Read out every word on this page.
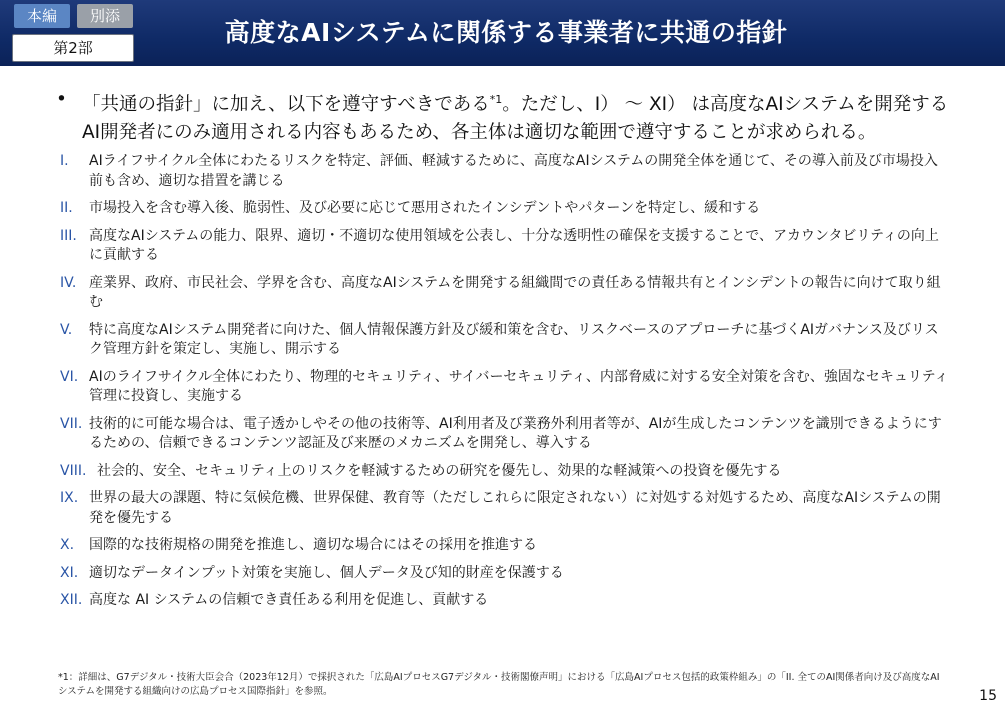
本編	別添
第2部
高度なAIシステムに関係する事業者に共通の指針
• 「共通の指針」に加え、以下を遵守すべきである$^{*1}$。ただし、I） ～ XI） は高度なAIシステムを開発するAI開発者にのみ適用される内容もあるため、各主体は適切な範囲で遵守することが求められる。
I.	AIライフサイクル全体にわたるリスクを特定、評価、軽減するために、高度なAIシステムの開発全体を通じて、その導入前及び市場投入前も含め、適切な措置を講じる
II.	市場投入を含む導入後、脆弱性、及び必要に応じて悪用されたインシデントやパターンを特定し、緩和する
III. 高度なAIシステムの能力、限界、適切・不適切な使用領域を公表し、十分な透明性の確保を支援することで、アカウンタビリティの向上に貢献する
IV. 産業界、政府、市民社会、学界を含む、高度なAIシステムを開発する組織間での責任ある情報共有とインシデントの報告に向けて取り組む
V.	特に高度なAIシステム開発者に向けた、個人情報保護方針及び緩和策を含む、リスクベースのアプローチに基づくAIガバナンス及びリスク管理方針を策定し、実施し、開示する
VI. AIのライフサイクル全体にわたり、物理的セキュリティ、サイバーセキュリティ、内部脅威に対する安全対策を含む、強固なセキュリティ管理に投資し、実施する
VII. 技術的に可能な場合は、電子透かしやその他の技術等、AI利用者及び業務外利用者等が、AIが生成したコンテンツを識別できるようにするための、信頼できるコンテンツ認証及び来歴のメカニズムを開発し、導入する
VIII. 社会的、安全、セキュリティ上のリスクを軽減するための研究を優先し、効果的な軽減策への投資を優先する
IX. 世界の最大の課題、特に気候危機、世界保健、教育等（ただしこれらに限定されない）に対処する対処するため、高度なAIシステムの開発を優先する
X.	国際的な技術規格の開発を推進し、適切な場合にはその採用を推進する
XI. 適切なデータインプット対策を実施し、個人データ及び知的財産を保護する
XII. 高度な AI システムの信頼でき責任ある利用を促進し、貢献する
*1：詳細は、G7デジタル・技術大臣会合（2023年12月）で採択された「広島AIプロセスG7デジタル・技術閣僚声明」における「広島AIプロセス包括的政策枠組み」の「II. 全てのAI関係者向け及び高度なAI システムを開発する組織向けの広島プロセス国際指針」を参照。	15
